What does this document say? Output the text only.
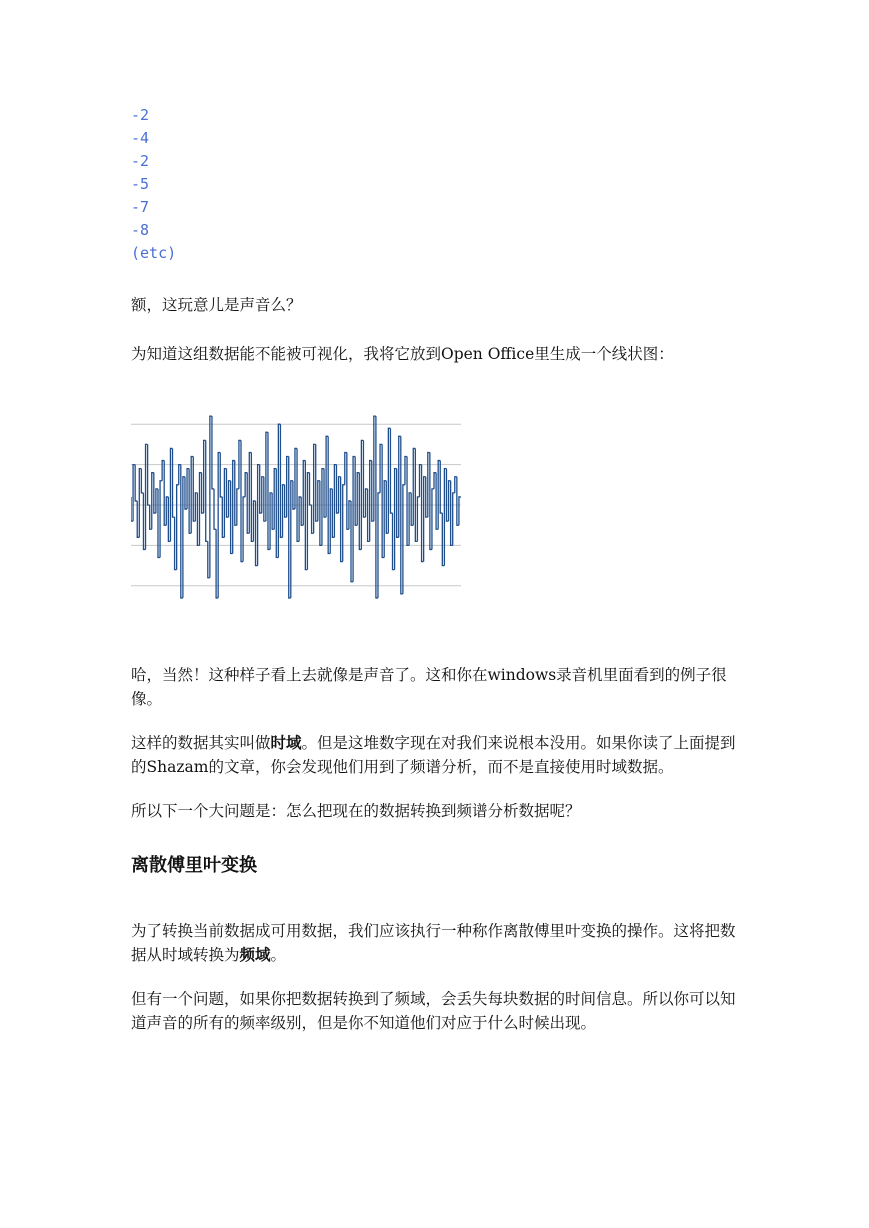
-2
-4
-2
-5
-7
-8
(etc)

额，这玩意儿是声音么？

为知道这组数据能不能被可视化，我将它放到Open Office里生成一个线状图：

哈，当然！这种样子看上去就像是声音了。这和你在windows录音机里面看到的例子很像。

这样的数据其实叫做时域。但是这堆数字现在对我们来说根本没用。如果你读了上面提到的Shazam的文章，你会发现他们用到了频谱分析，而不是直接使用时域数据。

所以下一个大问题是：怎么把现在的数据转换到频谱分析数据呢？

离散傅里叶变换

为了转换当前数据成可用数据，我们应该执行一种称作离散傅里叶变换的操作。这将把数据从时域转换为频域。

但有一个问题，如果你把数据转换到了频域，会丢失每块数据的时间信息。所以你可以知道声音的所有的频率级别，但是你不知道他们对应于什么时候出现。
